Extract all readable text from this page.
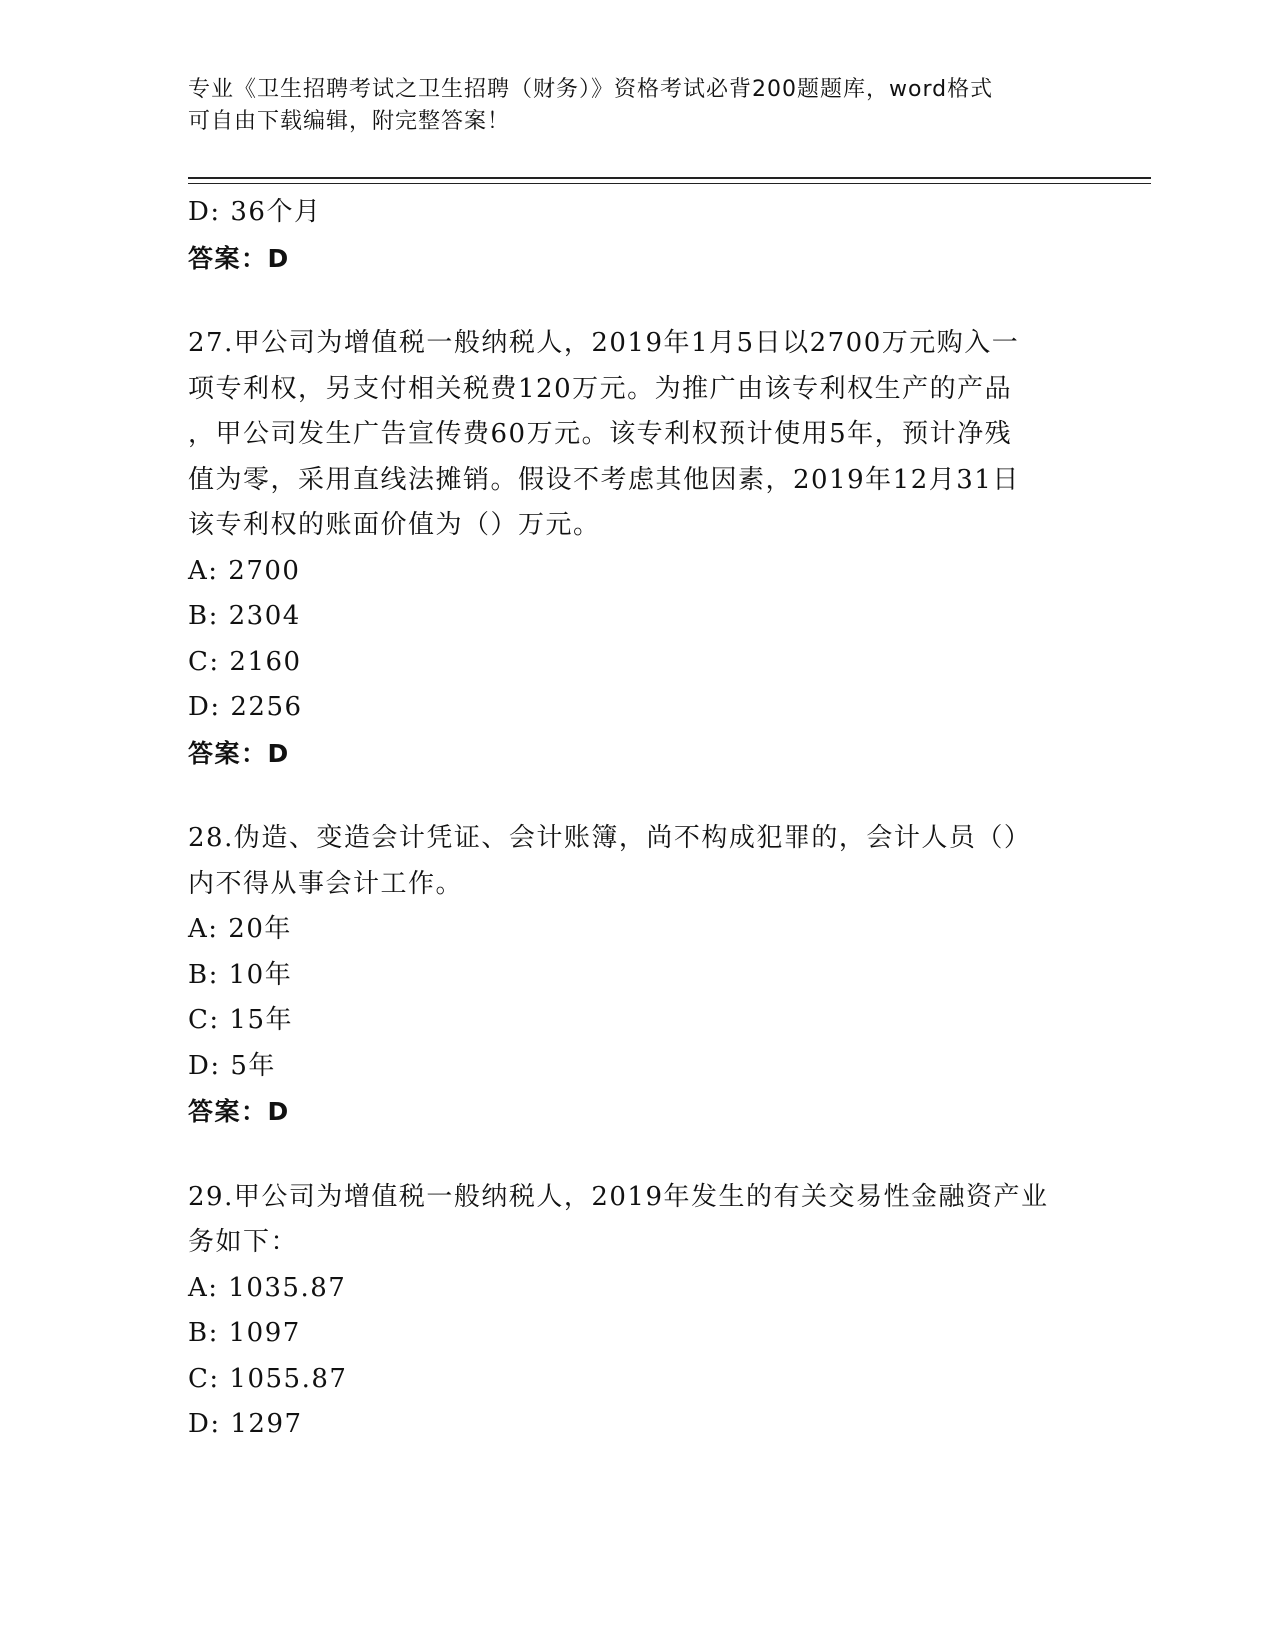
专业《卫生招聘考试之卫生招聘（财务）》资格考试必背200题题库，word格式
可自由下载编辑，附完整答案！
D: 36个月
答案：D
27.甲公司为增值税一般纳税人，2019年1月5日以2700万元购入一
项专利权，另支付相关税费120万元。为推广由该专利权生产的产品
，甲公司发生广告宣传费60万元。该专利权预计使用5年，预计净残
值为零，采用直线法摊销。假设不考虑其他因素，2019年12月31日
该专利权的账面价值为（）万元。
A: 2700
B: 2304
C: 2160
D: 2256
答案：D
28.伪造、变造会计凭证、会计账簿，尚不构成犯罪的，会计人员（）
内不得从事会计工作。
A: 20年
B: 10年
C: 15年
D: 5年
答案：D
29.甲公司为增值税一般纳税人，2019年发生的有关交易性金融资产业
务如下：
A: 1035.87
B: 1097
C: 1055.87
D: 1297
